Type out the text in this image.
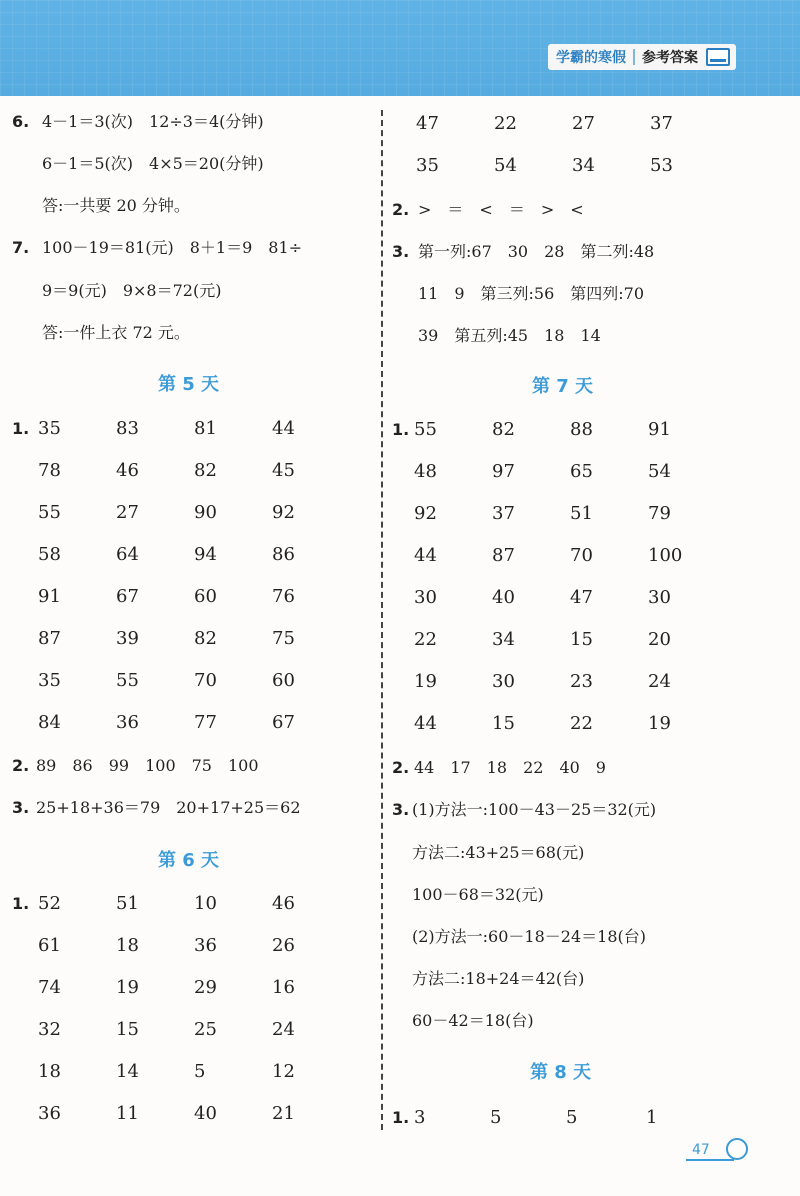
学霸的寒假 参考答案
6. 4－1＝3(次)　12÷3＝4(分钟)
6－1＝5(次)　4×5＝20(分钟)
答:一共要 20 分钟。
7. 100－19＝81(元)　8＋1＝9　81÷
9＝9(元)　9×8＝72(元)
答:一件上衣 72 元。
第 5 天
1. 35	83	81	44
78	46	82	45
55	27	90	92
58	64	94	86
91	67	60	76
87	39	82	75
35	55	70	60
84	36	77	67
2. 89　86　99　100　75　100
3. 25+18+36＝79　20+17+25＝62
第 6 天
1. 52	51	10	46
61	18	36	26
74	19	29	16
32	15	25	24
18	14	5	12
36	11	40	21
47	22	27	37
35	54	34	53
2. >　＝　<　＝　>　<
3. 第一列:67　30　28　第二列:48
11　9　第三列:56　第四列:70
39　第五列:45　18　14
第 7 天
1. 55	82	88	91
48	97	65	54
92	37	51	79
44	87	70	100
30	40	47	30
22	34	15	20
19	30	23	24
44	15	22	19
2. 44　17　18　22　40　9
3. (1)方法一:100－43－25＝32(元)
方法二:43+25＝68(元)
100－68＝32(元)
(2)方法一:60－18－24＝18(台)
方法二:18+24＝42(台)
60－42＝18(台)
第 8 天
1. 3	5	5	1
47
